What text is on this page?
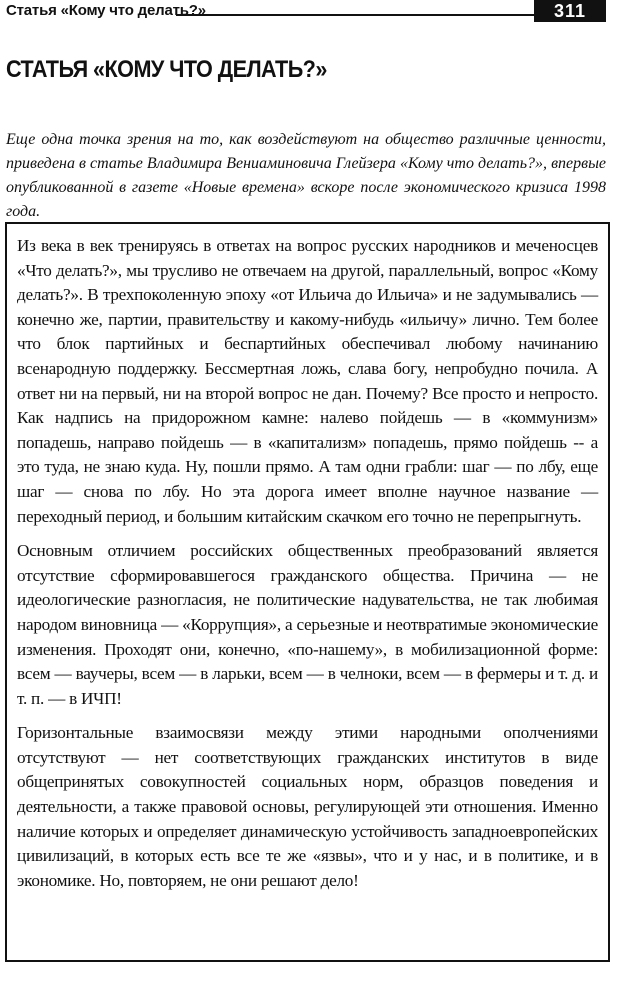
Статья «Кому что делать?»	311
СТАТЬЯ «КОМУ ЧТО ДЕЛАТЬ?»

Еще одна точка зрения на то, как воздействуют на общество различные ценности, приведена в статье Владимира Вениаминовича Глейзера «Кому что делать?», впервые опубликованной в газете «Новые времена» вскоре после экономического кризиса 1998 года.

Из века в век тренируясь в ответах на вопрос русских народников и меченосцев «Что делать?», мы трусливо не отвечаем на другой, параллельный, вопрос «Кому делать?». В трехпоколенную эпоху «от Ильича до Ильича» и не задумывались — конечно же, партии, правительству и какому-нибудь «ильичу» лично. Тем более что блок партийных и беспартийных обеспечивал любому начинанию всенародную поддержку. Бессмертная ложь, слава богу, непробудно почила. А ответ ни на первый, ни на второй вопрос не дан. Почему? Все просто и непросто. Как надпись на придорожном камне: налево пойдешь — в «коммунизм» попадешь, направо пойдешь — в «капитализм» попадешь, прямо пойдешь -- а это туда, не знаю куда. Ну, пошли прямо. А там одни грабли: шаг — по лбу, еще шаг — снова по лбу. Но эта дорога имеет вполне научное название — переходный период, и большим китайским скачком его точно не перепрыгнуть.

Основным отличием российских общественных преобразований является отсутствие сформировавшегося гражданского общества. Причина — не идеологические разногласия, не политические надувательства, не так любимая народом виновница — «Коррупция», а серьезные и неотвратимые экономические изменения. Проходят они, конечно, «по-нашему», в мобилизационной форме: всем — ваучеры, всем — в ларьки, всем — в челноки, всем — в фермеры и т. д. и т. п. — в ИЧП!

Горизонтальные взаимосвязи между этими народными ополчениями отсутствуют — нет соответствующих гражданских институтов в виде общепринятых совокупностей социальных норм, образцов поведения и деятельности, а также правовой основы, регулирующей эти отношения. Именно наличие которых и определяет динамическую устойчивость западноевропейских цивилизаций, в которых есть все те же «язвы», что и у нас, и в политике, и в экономике. Но, повторяем, не они решают дело!
